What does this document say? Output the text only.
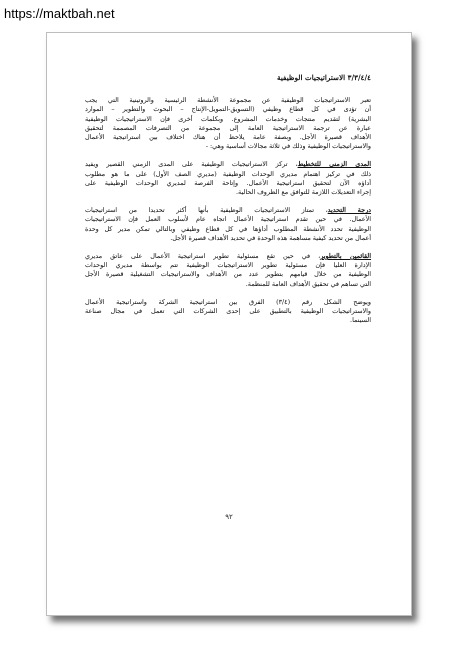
https://maktbah.net
٣/٣/٤/٤ الاستراتيجيات الوظيفية
تعبر الاستراتيجيات الوظيفية عن مجموعة الأنشطة الرئيسية والروتينية التي يجب
أن تؤدى في كل قطاع وظيفي (التسويق-التمويل-الإنتاج – البحوث والتطوير – الموارد
البشرية) لتقديم منتجات وخدمات المشروع. وبكلمات أخرى فإن الاستراتيجيات الوظيفية
عبارة عن ترجمة الاستراتيجية العامة إلى مجموعة من التصرفات المصممة لتحقيق
الأهداف قصيرة الأجل. وبصفة عامة يلاحظ أن هناك اختلاف بين استراتيجية الأعمال
والاستراتيجيات الوظيفية وذلك في ثلاثة مجالات أساسية وهي: -
المدى الزمني للتخطيط، تركز الاستراتيجيات الوظيفية على المدى الزمني القصير ويفيد
ذلك في تركيز اهتمام مديري الوحدات الوظيفية (مديري الصف الأول) على ما هو مطلوب
أداؤه الآن لتحقيق استراتيجية الأعمال. وإتاحة الفرصة لمديري الوحدات الوظيفية على
إجراء التعديلات اللازمة للتوافق مع الظروف الحالية.
درجة التحديد، تمتاز الاستراتيجيات الوظيفية بأنها أكثر تحديدا من استراتيجيات
الأعمال. في حين تقدم استراتيجية الأعمال اتجاه عام لأسلوب العمل فإن الاستراتيجيات
الوظيفية تحدد الأنشطة المطلوب أداؤها في كل قطاع وظيفي وبالتالي تمكن مدير كل وحدة
أعمال من تحديد كيفية مساهمة هذه الوحدة في تحديد الأهداف قصيرة الأجل.
القائمين بالتطوير، في حين تقع مسئولية تطوير استراتيجية الأعمال على عاتق مديري
الإدارة العليا فإن مسئولية تطوير الاستراتيجيات الوظيفية تتم بواسطة مديري الوحدات
الوظيفية من خلال قيامهم بتطوير عدد من الأهداف والاستراتيجيات التشغيلية قصيرة الأجل
التي تساهم في تحقيق الأهداف العامة للمنظمة.
ويوضح الشكل رقم (٣/٤) الفرق بين استراتيجية الشركة واستراتيجية الأعمال
والاستراتيجيات الوظيفية بالتطبيق على إحدى الشركات التي تعمل في مجال صناعة
السينما.
٩٢
